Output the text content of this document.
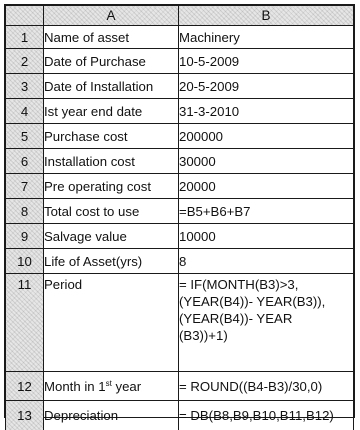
	A	B
1	Name of asset	Machinery
2	Date of Purchase	10-5-2009
3	Date of Installation	20-5-2009
4	Ist year end date	31-3-2010
5	Purchase cost	200000
6	Installation cost	30000
7	Pre operating cost	20000
8	Total cost to use	=B5+B6+B7
9	Salvage value	10000
10	Life of Asset(yrs)	8
11	Period	= IF(MONTH(B3)>3,
(YEAR(B4))- YEAR(B3)),
(YEAR(B4))- YEAR
(B3))+1)

12	Month in 1st year	= ROUND((B4-B3)/30,0)
13	Depreciation	= DB(B8,B9,B10,B11,B12)
